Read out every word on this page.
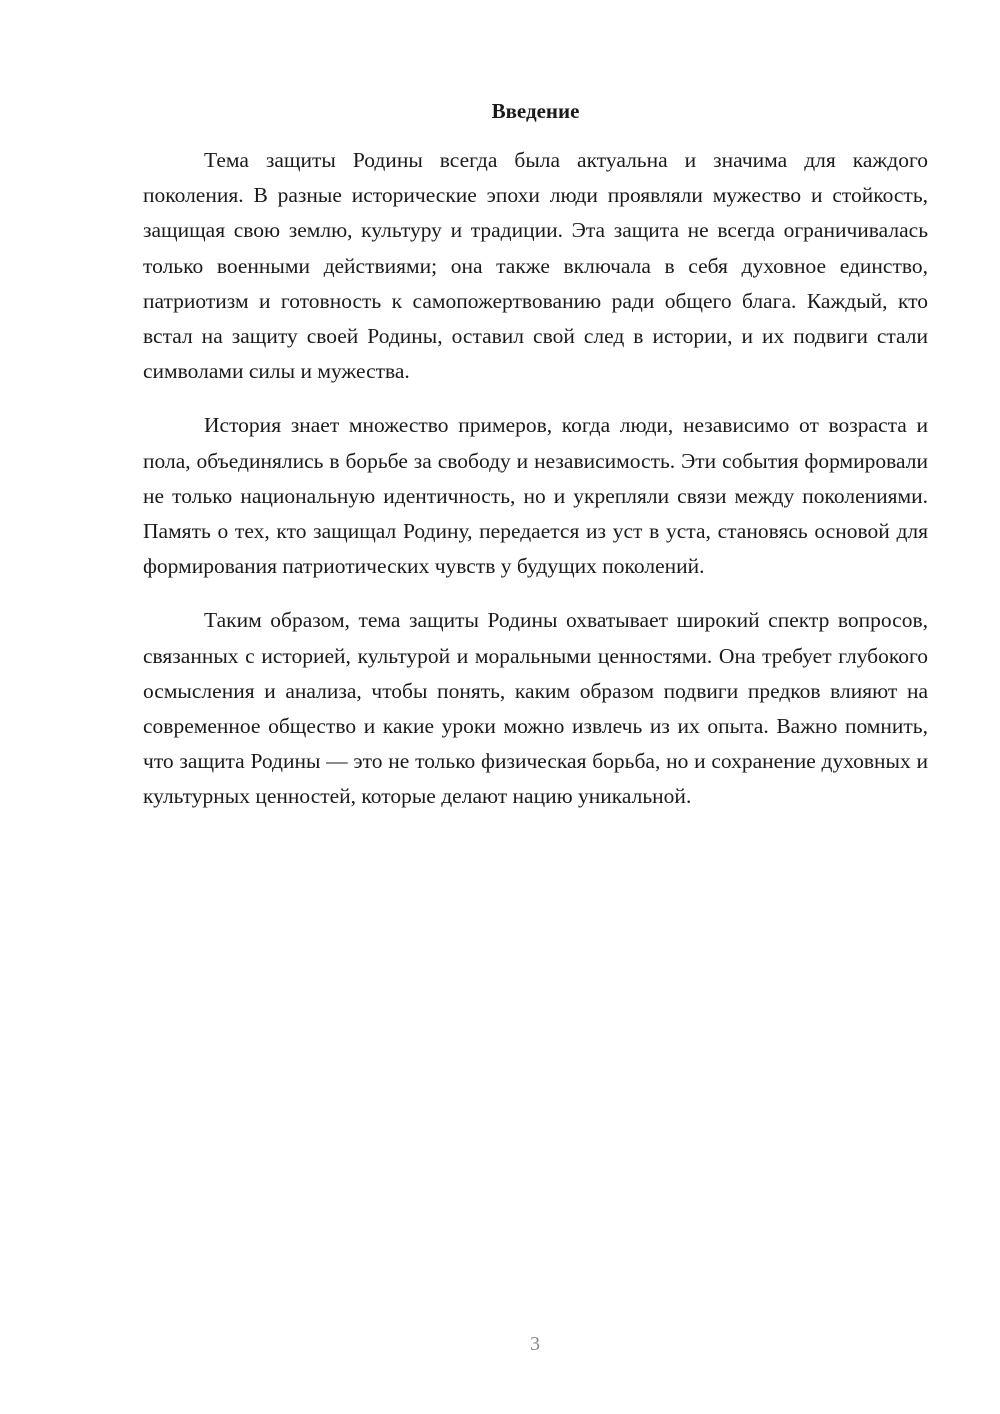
Введение

Тема защиты Родины всегда была актуальна и значима для каждого поколения. В разные исторические эпохи люди проявляли мужество и стойкость, защищая свою землю, культуру и традиции. Эта защита не всегда ограничивалась только военными действиями; она также включала в себя духовное единство, патриотизм и готовность к самопожертвованию ради общего блага. Каждый, кто встал на защиту своей Родины, оставил свой след в истории, и их подвиги стали символами силы и мужества.

История знает множество примеров, когда люди, независимо от возраста и пола, объединялись в борьбе за свободу и независимость. Эти события формировали не только национальную идентичность, но и укрепляли связи между поколениями. Память о тех, кто защищал Родину, передается из уст в уста, становясь основой для формирования патриотических чувств у будущих поколений.

Таким образом, тема защиты Родины охватывает широкий спектр вопросов, связанных с историей, культурой и моральными ценностями. Она требует глубокого осмысления и анализа, чтобы понять, каким образом подвиги предков влияют на современное общество и какие уроки можно извлечь из их опыта. Важно помнить, что защита Родины — это не только физическая борьба, но и сохранение духовных и культурных ценностей, которые делают нацию уникальной.

3
